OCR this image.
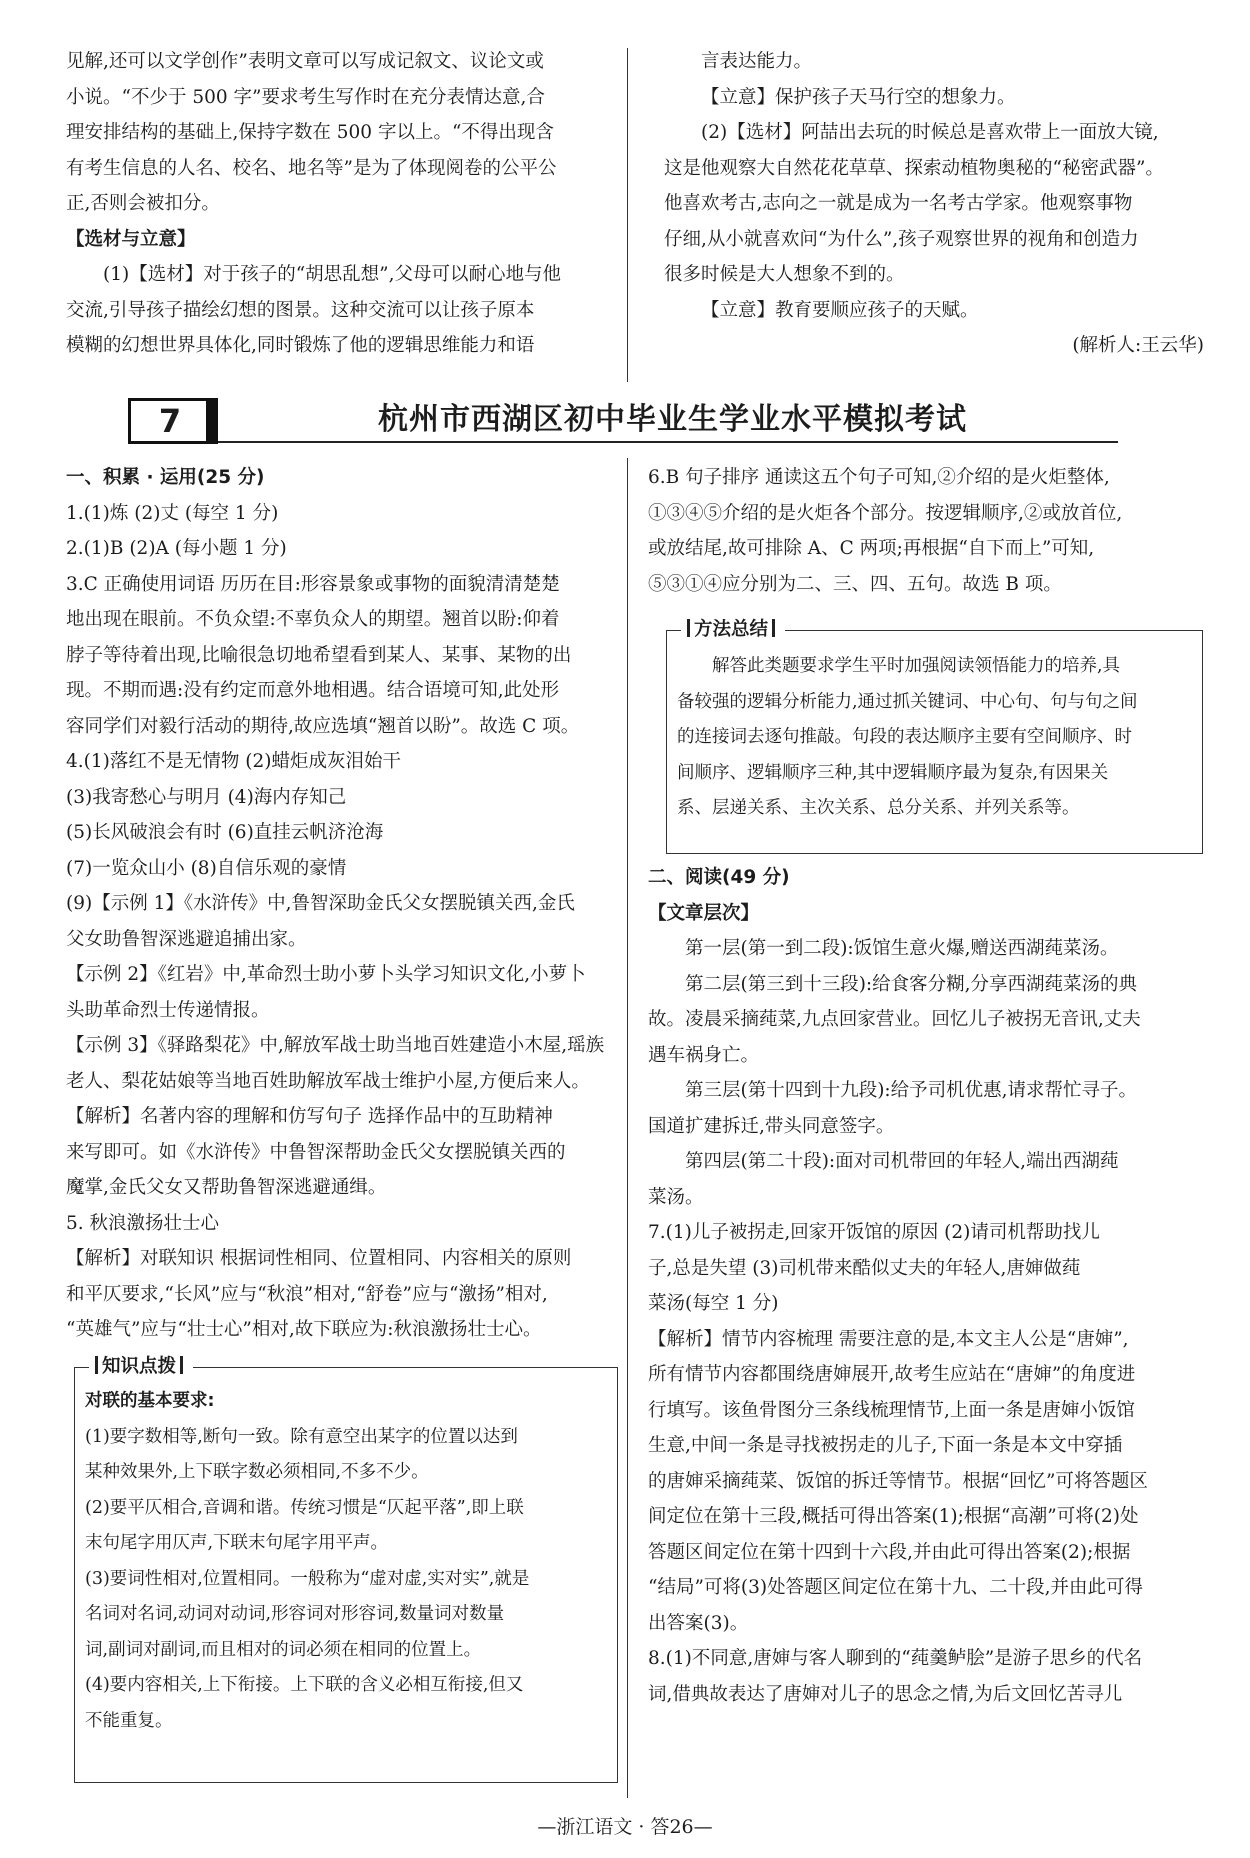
见解,还可以文学创作”表明文章可以写成记叙文、议论文或

小说。“不少于 500 字”要求考生写作时在充分表情达意,合

理安排结构的基础上,保持字数在 500 字以上。“不得出现含

有考生信息的人名、校名、地名等”是为了体现阅卷的公平公

正,否则会被扣分。

【选材与立意】

(1)【选材】对于孩子的“胡思乱想”,父母可以耐心地与他

交流,引导孩子描绘幻想的图景。这种交流可以让孩子原本

模糊的幻想世界具体化,同时锻炼了他的逻辑思维能力和语

言表达能力。

【立意】保护孩子天马行空的想象力。

(2)【选材】阿喆出去玩的时候总是喜欢带上一面放大镜,

这是他观察大自然花花草草、探索动植物奥秘的“秘密武器”。

他喜欢考古,志向之一就是成为一名考古学家。他观察事物

仔细,从小就喜欢问“为什么”,孩子观察世界的视角和创造力

很多时候是大人想象不到的。

【立意】教育要顺应孩子的天赋。

(解析人:王云华)

7	杭州市西湖区初中毕业生学业水平模拟考试

一、积累 · 运用(25 分)

1.(1)炼 (2)丈 (每空 1 分)

2.(1)B (2)A (每小题 1 分)

3.C 正确使用词语 历历在目:形容景象或事物的面貌清清楚楚

地出现在眼前。不负众望:不辜负众人的期望。翘首以盼:仰着

脖子等待着出现,比喻很急切地希望看到某人、某事、某物的出

现。不期而遇:没有约定而意外地相遇。结合语境可知,此处形

容同学们对毅行活动的期待,故应选填“翘首以盼”。故选 C 项。

4.(1)落红不是无情物 (2)蜡炬成灰泪始干

(3)我寄愁心与明月 (4)海内存知己

(5)长风破浪会有时 (6)直挂云帆济沧海

(7)一览众山小 (8)自信乐观的豪情

(9)【示例 1】《水浒传》中,鲁智深助金氏父女摆脱镇关西,金氏

父女助鲁智深逃避追捕出家。

【示例 2】《红岩》中,革命烈士助小萝卜头学习知识文化,小萝卜

头助革命烈士传递情报。

【示例 3】《驿路梨花》中,解放军战士助当地百姓建造小木屋,瑶族

老人、梨花姑娘等当地百姓助解放军战士维护小屋,方便后来人。

【解析】名著内容的理解和仿写句子 选择作品中的互助精神

来写即可。如《水浒传》中鲁智深帮助金氏父女摆脱镇关西的

魔掌,金氏父女又帮助鲁智深逃避通缉。

5. 秋浪激扬壮士心

【解析】对联知识 根据词性相同、位置相同、内容相关的原则

和平仄要求,“长风”应与“秋浪”相对,“舒卷”应与“激扬”相对,

“英雄气”应与“壮士心”相对,故下联应为:秋浪激扬壮士心。

知识点拨
对联的基本要求:
(1)要字数相等,断句一致。除有意空出某字的位置以达到
某种效果外,上下联字数必须相同,不多不少。
(2)要平仄相合,音调和谐。传统习惯是“仄起平落”,即上联
末句尾字用仄声,下联末句尾字用平声。
(3)要词性相对,位置相同。一般称为“虚对虚,实对实”,就是
名词对名词,动词对动词,形容词对形容词,数量词对数量
词,副词对副词,而且相对的词必须在相同的位置上。
(4)要内容相关,上下衔接。上下联的含义必相互衔接,但又
不能重复。

6.B 句子排序 通读这五个句子可知,②介绍的是火炬整体,

①③④⑤介绍的是火炬各个部分。按逻辑顺序,②或放首位,

或放结尾,故可排除 A、C 两项;再根据“自下而上”可知,

⑤③①④应分别为二、三、四、五句。故选 B 项。

方法总结
解答此类题要求学生平时加强阅读领悟能力的培养,具
备较强的逻辑分析能力,通过抓关键词、中心句、句与句之间
的连接词去逐句推敲。句段的表达顺序主要有空间顺序、时
间顺序、逻辑顺序三种,其中逻辑顺序最为复杂,有因果关
系、层递关系、主次关系、总分关系、并列关系等。

二、阅读(49 分)

【文章层次】

第一层(第一到二段):饭馆生意火爆,赠送西湖莼菜汤。

第二层(第三到十三段):给食客分糊,分享西湖莼菜汤的典

故。凌晨采摘莼菜,九点回家营业。回忆儿子被拐无音讯,丈夫

遇车祸身亡。

第三层(第十四到十九段):给予司机优惠,请求帮忙寻子。

国道扩建拆迁,带头同意签字。

第四层(第二十段):面对司机带回的年轻人,端出西湖莼

菜汤。

7.(1)儿子被拐走,回家开饭馆的原因 (2)请司机帮助找儿

子,总是失望 (3)司机带来酷似丈夫的年轻人,唐婶做莼

菜汤(每空 1 分)

【解析】情节内容梳理 需要注意的是,本文主人公是“唐婶”,

所有情节内容都围绕唐婶展开,故考生应站在“唐婶”的角度进

行填写。该鱼骨图分三条线梳理情节,上面一条是唐婶小饭馆

生意,中间一条是寻找被拐走的儿子,下面一条是本文中穿插

的唐婶采摘莼菜、饭馆的拆迁等情节。根据“回忆”可将答题区

间定位在第十三段,概括可得出答案(1);根据“高潮”可将(2)处

答题区间定位在第十四到十六段,并由此可得出答案(2);根据

“结局”可将(3)处答题区间定位在第十九、二十段,并由此可得

出答案(3)。

8.(1)不同意,唐婶与客人聊到的“莼羹鲈脍”是游子思乡的代名

词,借典故表达了唐婶对儿子的思念之情,为后文回忆苦寻儿

—浙江语文 · 答26—
